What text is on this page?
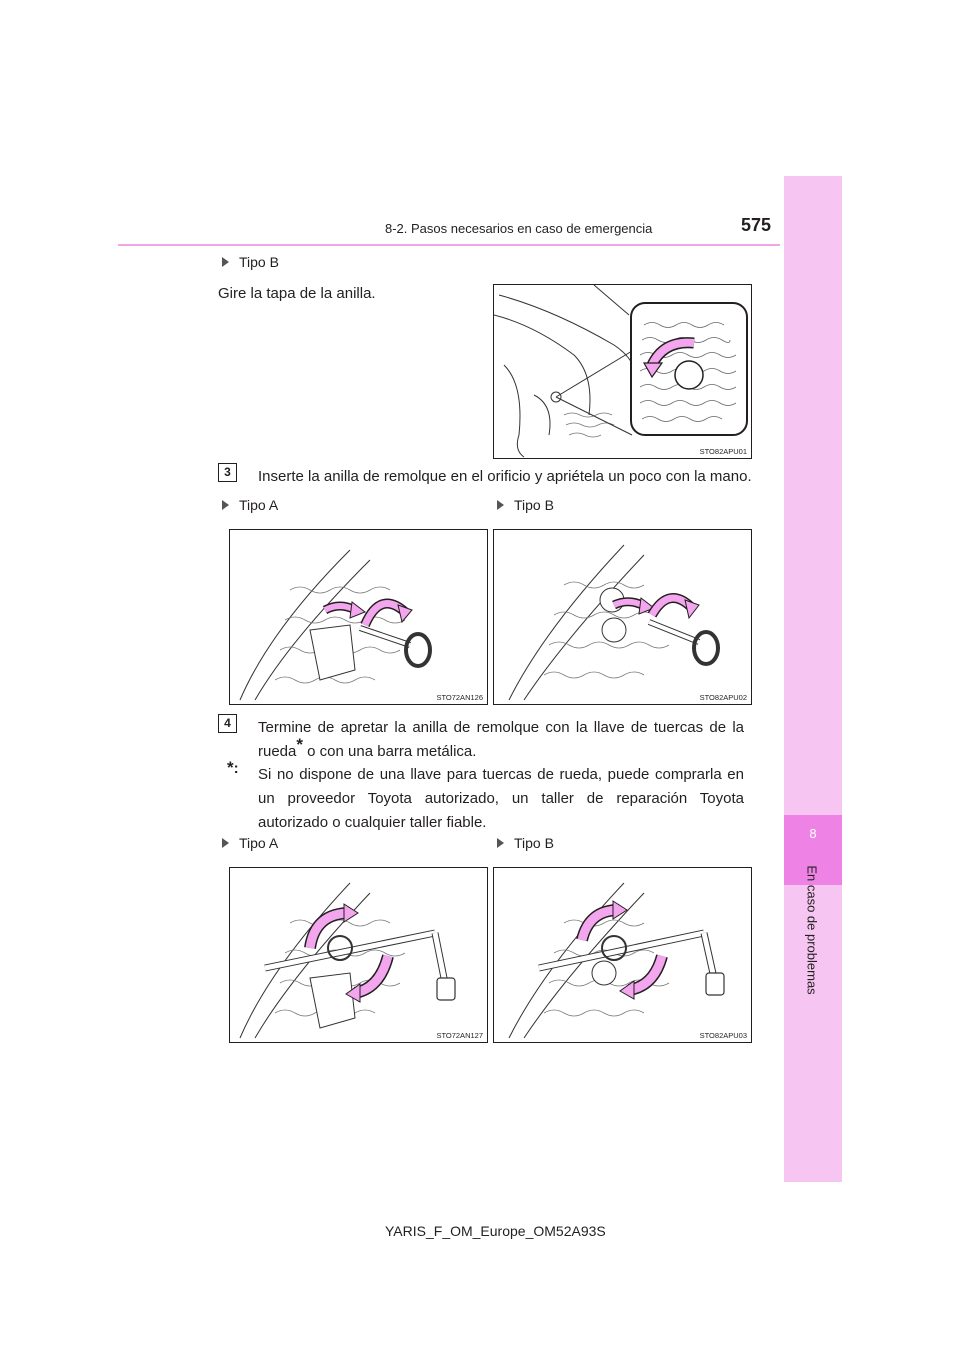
8-2. Pasos necesarios en caso de emergencia	575
8
En caso de problemas
Tipo B
Gire la tapa de la anilla.
STO82APU01
3	Inserte la anilla de remolque en el orificio y apriétela un poco con la mano.
Tipo A	Tipo B
STO72AN126	STO82APU02
4	Termine de apretar la anilla de remolque con la llave de tuercas de la rueda* o con una barra metálica.
*: Si no dispone de una llave para tuercas de rueda, puede comprarla en un proveedor Toyota autorizado, un taller de reparación Toyota autorizado o cualquier taller fiable.
Tipo A	Tipo B
STO72AN127	STO82APU03
YARIS_F_OM_Europe_OM52A93S
